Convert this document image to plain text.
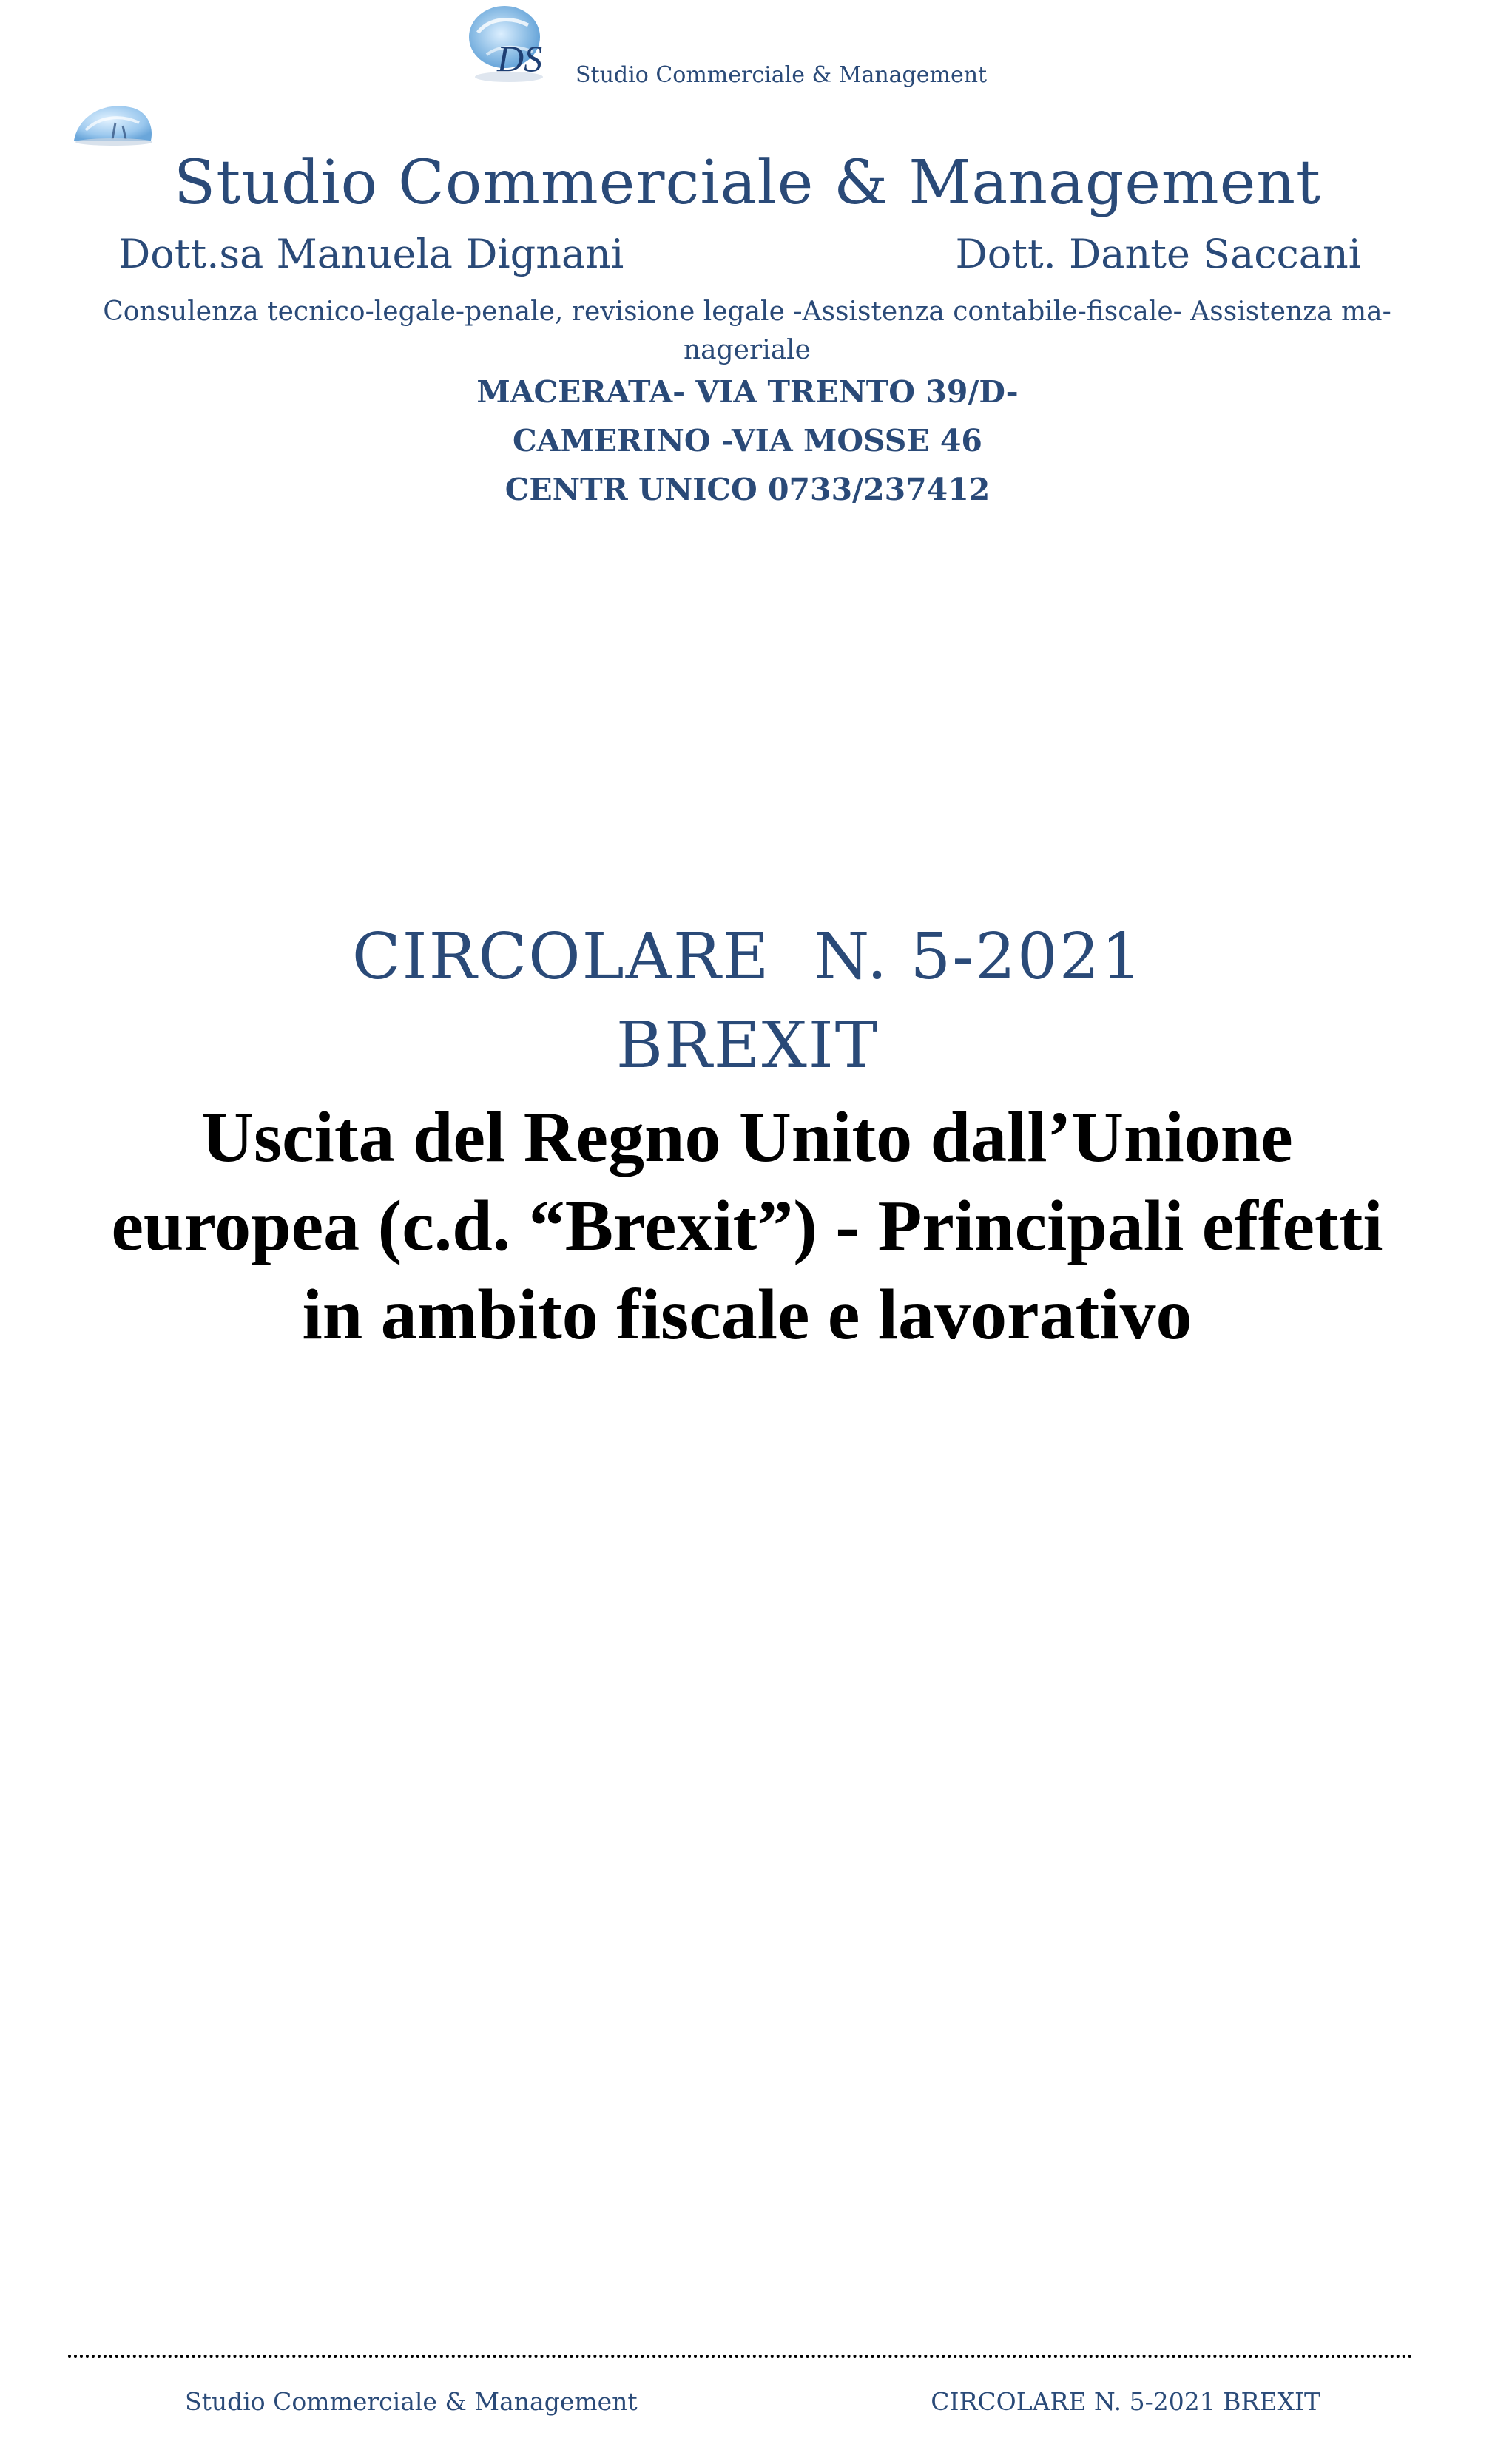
DS Studio Commerciale & Management
Studio Commerciale & Management
Dott.sa Manuela Dignani	Dott. Dante Saccani
Consulenza tecnico-legale-penale, revisione legale -Assistenza contabile-fiscale- Assistenza ma-nageriale
MACERATA- VIA TRENTO 39/D-
CAMERINO -VIA MOSSE 46
CENTR UNICO 0733/237412
CIRCOLARE  N. 5-2021
BREXIT
Uscita del Regno Unito dall’Unione europea (c.d. “Brexit”) - Principali effetti in ambito fiscale e lavorativo
Studio Commerciale & Management	CIRCOLARE N. 5-2021 BREXIT
